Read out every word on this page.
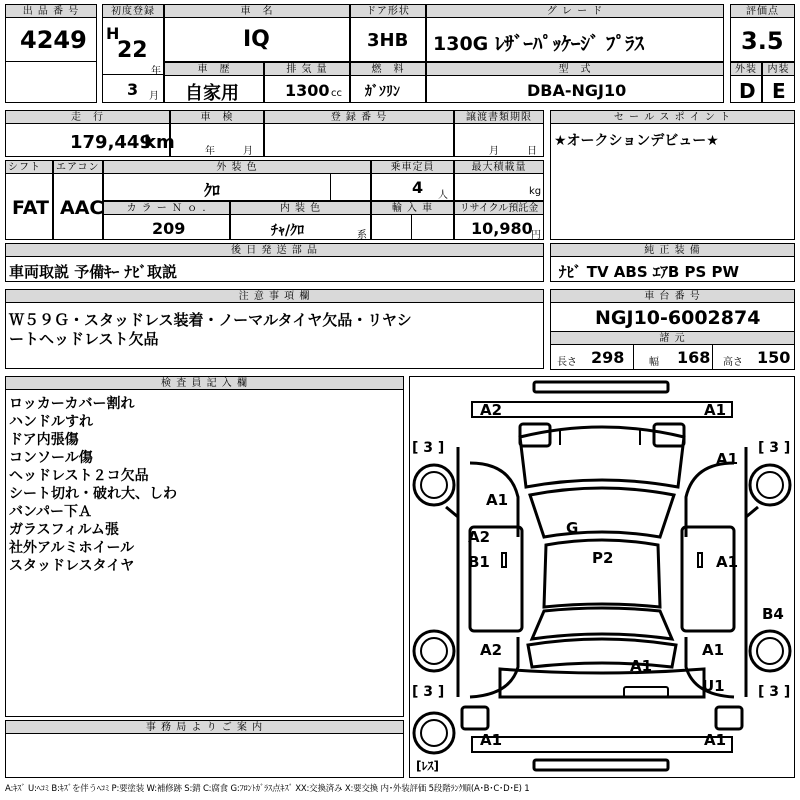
出 品 番 号
4249
初度登録
H
22
年
3 月
車　名
IQ
ドア形状
3HB
グ レ ー ド
130G ﾚｻﾞｰﾊﾟｯｹｰｼﾞ ﾌﾟﾗｽ
評価点
3.5
車　歴
自家用
排 気 量
1300 cc
燃　料
ｶﾞｿﾘﾝ
型　式
DBA-NGJ10
外装
D
内装
E
走　行
179,449
km
車　検
年	月
登 録 番 号	譲渡書類期限
月	日
セ ー ル ス ポ イ ン ト
★オークションデビュー★
シフト
FAT
エアコン
AAC
外 装 色
ｸﾛ
乗車定員
4 人
最大積載量
kg
カ ラ ー Ｎ ｏ .
209
内 装 色
ﾁｬ/ｸﾛ	系
輸 入 車	リサイクル預託金
10,980
円
後 日 発 送 部 品
車両取説 予備ｷｰ ﾅﾋﾞ取説
純 正 装 備
ﾅﾋﾞ TV ABS ｴｱB PS PW
注 意 事 項 欄
Ｗ５９Ｇ・スタッドレス装着・ノーマルタイヤ欠品・リヤシ
ートヘッドレスト欠品
車 台 番 号
NGJ10-6002874
諸 元
長さ 298 幅 168 高さ 150
検 査 員 記 入 欄
ロッカーカバー割れ
ハンドルすれ
ドア内張傷
コンソール傷
ヘッドレスト２コ欠品
シート切れ・破れ大、しわ
バンパー下Ａ
ガラスフィルム張
社外アルミホイール
スタッドレスタイヤ
事 務 局 よ り ご 案 内
A2	A1
[ 3 ]	[ 3 ]
A1
A1
G
A2
B1	P2	A1
B4
A2	A1
A1
U1
[ 3 ]	[ 3 ]
A1	A1
[ﾚｽ]
A:ｷｽﾞ U:ﾍｺﾐ B:ｷｽﾞを伴うﾍｺﾐ P:要塗装 W:補修跡 S:錆 C:腐食 G:ﾌﾛﾝﾄｶﾞﾗｽ点ｷｽﾞ XX:交換済み X:要交換 内･外装評価 5段階ﾗﾝｸ順(A･B･C･D･E) 1
